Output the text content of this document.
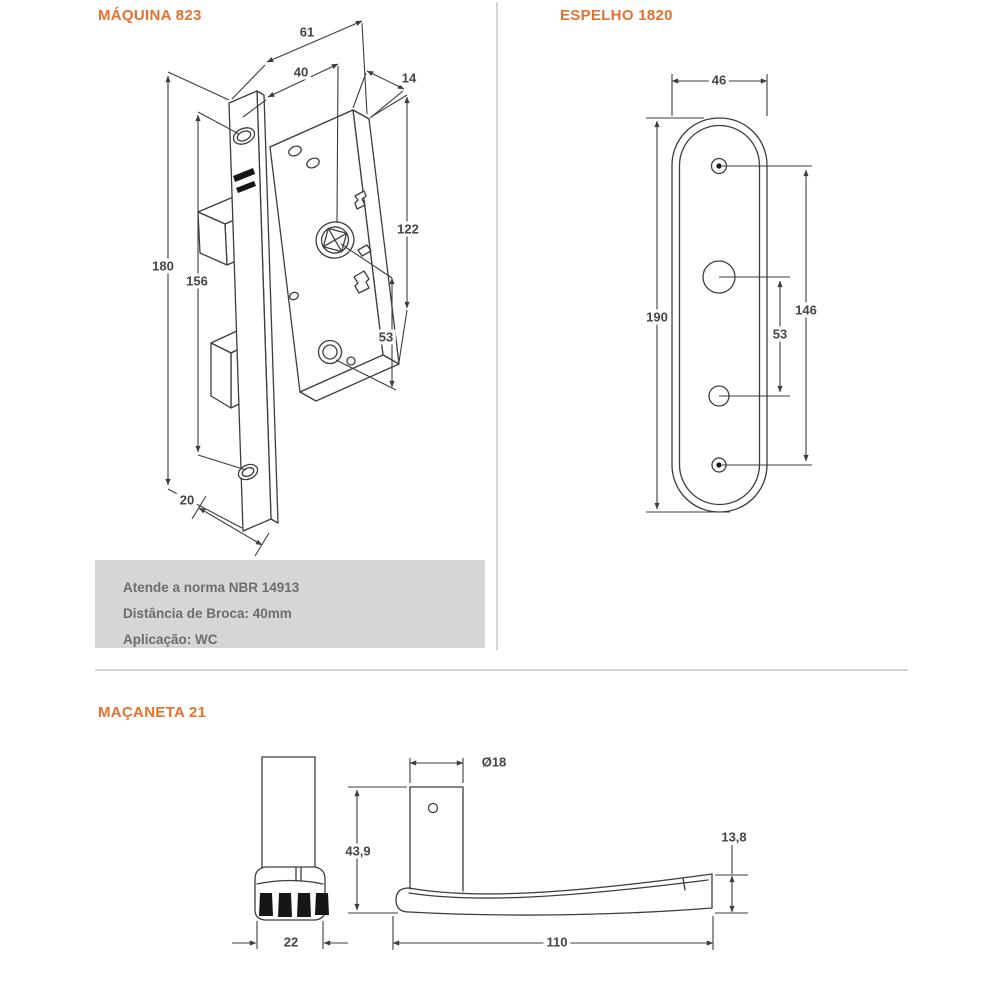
MÁQUINA 823	ESPELHO 1820
MAÇANETA 21
Atende a norma NBR 14913
Distância de Broca: 40mm
Aplicação: WC
61
40	14
122
53
180
156
20
46
190	146
53
Ø18
43,9
13,8
22	110
